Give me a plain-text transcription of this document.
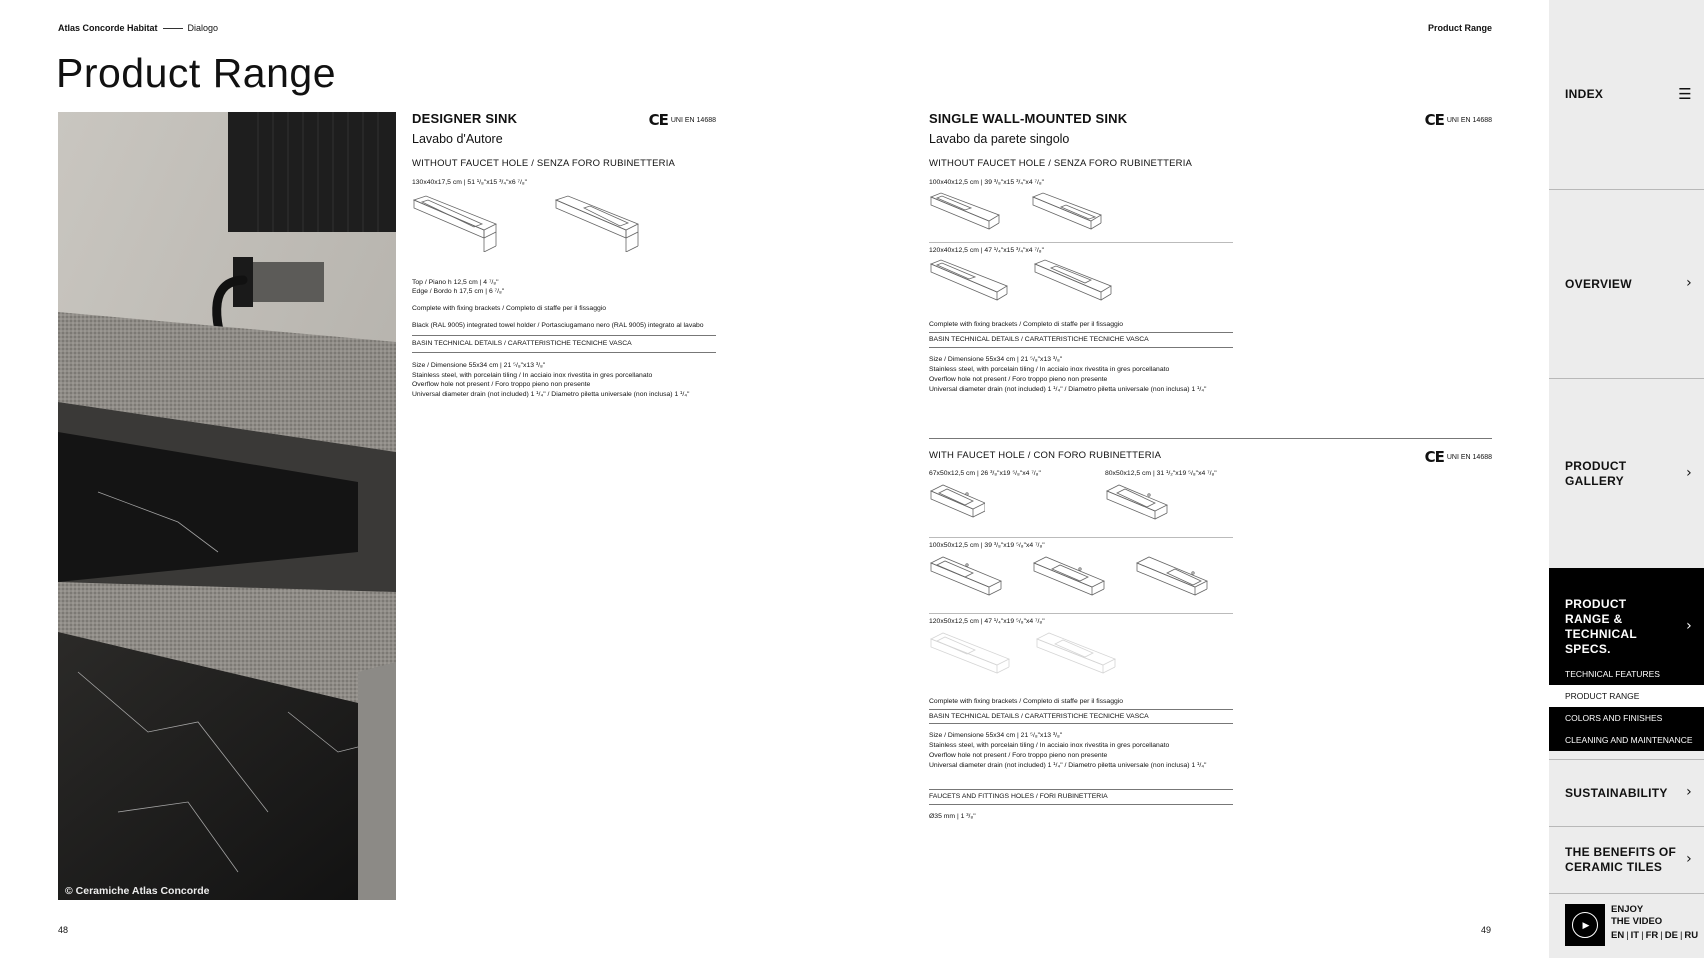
Atlas Concorde Habitat	Dialogo	Product Range
Product Range
© Ceramiche Atlas Concorde
CE UNI EN 14688
DESIGNER SINK
Lavabo d'Autore
WITHOUT FAUCET HOLE / SENZA FORO RUBINETTERIA
130x40x17,5 cm | 51 ¹/₈"x15 ³/₄"x6 ⁷/₈"
Top / Piano h 12,5 cm | 4 ⁷/₈"
Edge / Bordo h 17,5 cm | 6 ⁷/₈"
Complete with fixing brackets / Completo di staffe per il fissaggio
Black (RAL 9005) integrated towel holder / Portasciugamano nero (RAL 9005) integrato al lavabo
BASIN TECHNICAL DETAILS / CARATTERISTICHE TECNICHE VASCA
Size / Dimensione 55x34 cm | 21 ⁵/₈"x13 ³/₈"
Stainless steel, with porcelain tiling / In acciaio inox rivestita in gres porcellanato
Overflow hole not present / Foro troppo pieno non presente
Universal diameter drain (not included) 1 ¹/₄" / Diametro piletta universale (non inclusa) 1 ¹/₄"
CE UNI EN 14688
SINGLE WALL-MOUNTED SINK
Lavabo da parete singolo
WITHOUT FAUCET HOLE / SENZA FORO RUBINETTERIA
100x40x12,5 cm | 39 ³/₈"x15 ³/₄"x4 ⁷/₈"
120x40x12,5 cm | 47 ¹/₄"x15 ³/₄"x4 ⁷/₈"
Complete with fixing brackets / Completo di staffe per il fissaggio
BASIN TECHNICAL DETAILS / CARATTERISTICHE TECNICHE VASCA
Size / Dimensione 55x34 cm | 21 ⁵/₈"x13 ³/₈"
Stainless steel, with porcelain tiling / In acciaio inox rivestita in gres porcellanato
Overflow hole not present / Foro troppo pieno non presente
Universal diameter drain (not included) 1 ¹/₄" / Diametro piletta universale (non inclusa) 1 ¹/₄"
CE UNI EN 14688
WITH FAUCET HOLE / CON FORO RUBINETTERIA
67x50x12,5 cm | 26 ³/₈"x19 ⁵/₈"x4 ⁷/₈"	80x50x12,5 cm | 31 ¹/₂"x19 ⁵/₈"x4 ⁷/₈"
100x50x12,5 cm | 39 ³/₈"x19 ⁵/₈"x4 ⁷/₈"
120x50x12,5 cm | 47 ¹/₄"x19 ⁵/₈"x4 ⁷/₈"
Complete with fixing brackets / Completo di staffe per il fissaggio
BASIN TECHNICAL DETAILS / CARATTERISTICHE TECNICHE VASCA
Size / Dimensione 55x34 cm | 21 ⁵/₈"x13 ³/₈"
Stainless steel, with porcelain tiling / In acciaio inox rivestita in gres porcellanato
Overflow hole not present / Foro troppo pieno non presente
Universal diameter drain (not included) 1 ¹/₄" / Diametro piletta universale (non inclusa) 1 ¹/₄"
FAUCETS AND FITTINGS HOLES / FORI RUBINETTERIA
Ø35 mm | 1 ³/₈"
48	49
INDEX	☰
OVERVIEW	›
PRODUCT GALLERY	›
PRODUCT RANGE & TECHNICAL SPECS.
›
TECHNICAL FEATURES
PRODUCT RANGE
COLORS AND FINISHES
CLEANING AND MAINTENANCE
SUSTAINABILITY ›
THE BENEFITS OF CERAMIC TILES	›
▶
ENJOY
THE VIDEO
EN | IT | FR | DE | RU
